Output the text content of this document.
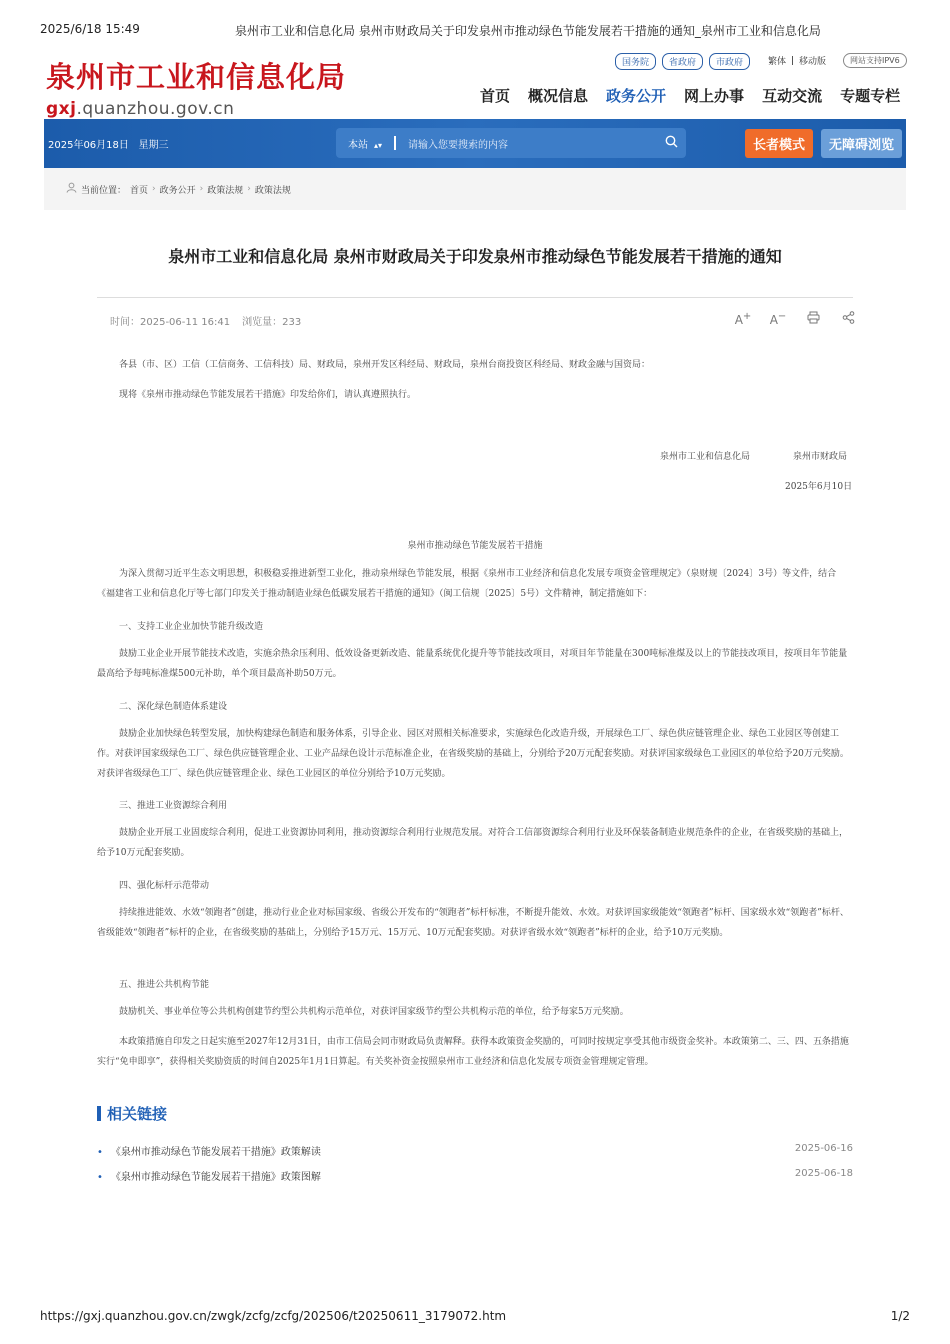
2025/6/18 15:49	泉州市工业和信息化局 泉州市财政局关于印发泉州市推动绿色节能发展若干措施的通知_泉州市工业和信息化局
泉州市工业和信息化局
gxj.quanzhou.gov.cn
国务院	省政府	市政府	繁体 移动版	网站支持IPV6
首页 概况信息 政务公开 网上办事 互动交流 专题专栏
2025年06月18日 星期三	本站 ▴▾	请输入您要搜索的内容	长者模式	无障碍浏览
当前位置： 首页 › 政务公开 › 政策法规 › 政策法规
泉州市工业和信息化局 泉州市财政局关于印发泉州市推动绿色节能发展若干措施的通知
时间：2025-06-11 16:41 浏览量：233	A+ A−
各县（市、区）工信（工信商务、工信科技）局、财政局，泉州开发区科经局、财政局，泉州台商投资区科经局、财政金融与国资局：
现将《泉州市推动绿色节能发展若干措施》印发给你们，请认真遵照执行。
泉州市工业和信息化局	泉州市财政局
2025年6月10日
泉州市推动绿色节能发展若干措施
为深入贯彻习近平生态文明思想，积极稳妥推进新型工业化，推动泉州绿色节能发展，根据《泉州市工业经济和信息化发展专项资金管理规定》（泉财规〔2024〕3号）等文件，结合《福建省工业和信息化厅等七部门印发关于推动制造业绿色低碳发展若干措施的通知》（闽工信规〔2025〕5号）文件精神，制定措施如下：
一、支持工业企业加快节能升级改造
鼓励工业企业开展节能技术改造，实施余热余压利用、低效设备更新改造、能量系统优化提升等节能技改项目，对项目年节能量在300吨标准煤及以上的节能技改项目，按项目年节能量最高给予每吨标准煤500元补助，单个项目最高补助50万元。
二、深化绿色制造体系建设
鼓励企业加快绿色转型发展，加快构建绿色制造和服务体系，引导企业、园区对照相关标准要求，实施绿色化改造升级，开展绿色工厂、绿色供应链管理企业、绿色工业园区等创建工作。对获评国家级绿色工厂、绿色供应链管理企业、工业产品绿色设计示范标准企业，在省级奖励的基础上，分别给予20万元配套奖励。对获评国家级绿色工业园区的单位给予20万元奖励。对获评省级绿色工厂、绿色供应链管理企业、绿色工业园区的单位分别给予10万元奖励。
三、推进工业资源综合利用
鼓励企业开展工业固废综合利用，促进工业资源协同利用，推动资源综合利用行业规范发展。对符合工信部资源综合利用行业及环保装备制造业规范条件的企业，在省级奖励的基础上，给予10万元配套奖励。
四、强化标杆示范带动
持续推进能效、水效“领跑者”创建，推动行业企业对标国家级、省级公开发布的“领跑者”标杆标准，不断提升能效、水效。对获评国家级能效“领跑者”标杆、国家级水效“领跑者”标杆、省级能效“领跑者”标杆的企业，在省级奖励的基础上，分别给予15万元、15万元、10万元配套奖励。对获评省级水效“领跑者”标杆的企业，给予10万元奖励。
五、推进公共机构节能
鼓励机关、事业单位等公共机构创建节约型公共机构示范单位，对获评国家级节约型公共机构示范的单位，给予每家5万元奖励。
本政策措施自印发之日起实施至2027年12月31日，由市工信局会同市财政局负责解释。获得本政策资金奖励的，可同时按规定享受其他市级资金奖补。本政策第二、三、四、五条措施实行“免申即享”，获得相关奖励资质的时间自2025年1月1日算起。有关奖补资金按照泉州市工业经济和信息化发展专项资金管理规定管理。
相关链接
• 《泉州市推动绿色节能发展若干措施》政策解读	2025-06-16
• 《泉州市推动绿色节能发展若干措施》政策图解	2025-06-18
https://gxj.quanzhou.gov.cn/zwgk/zcfg/zcfg/202506/t20250611_3179072.htm	1/2
